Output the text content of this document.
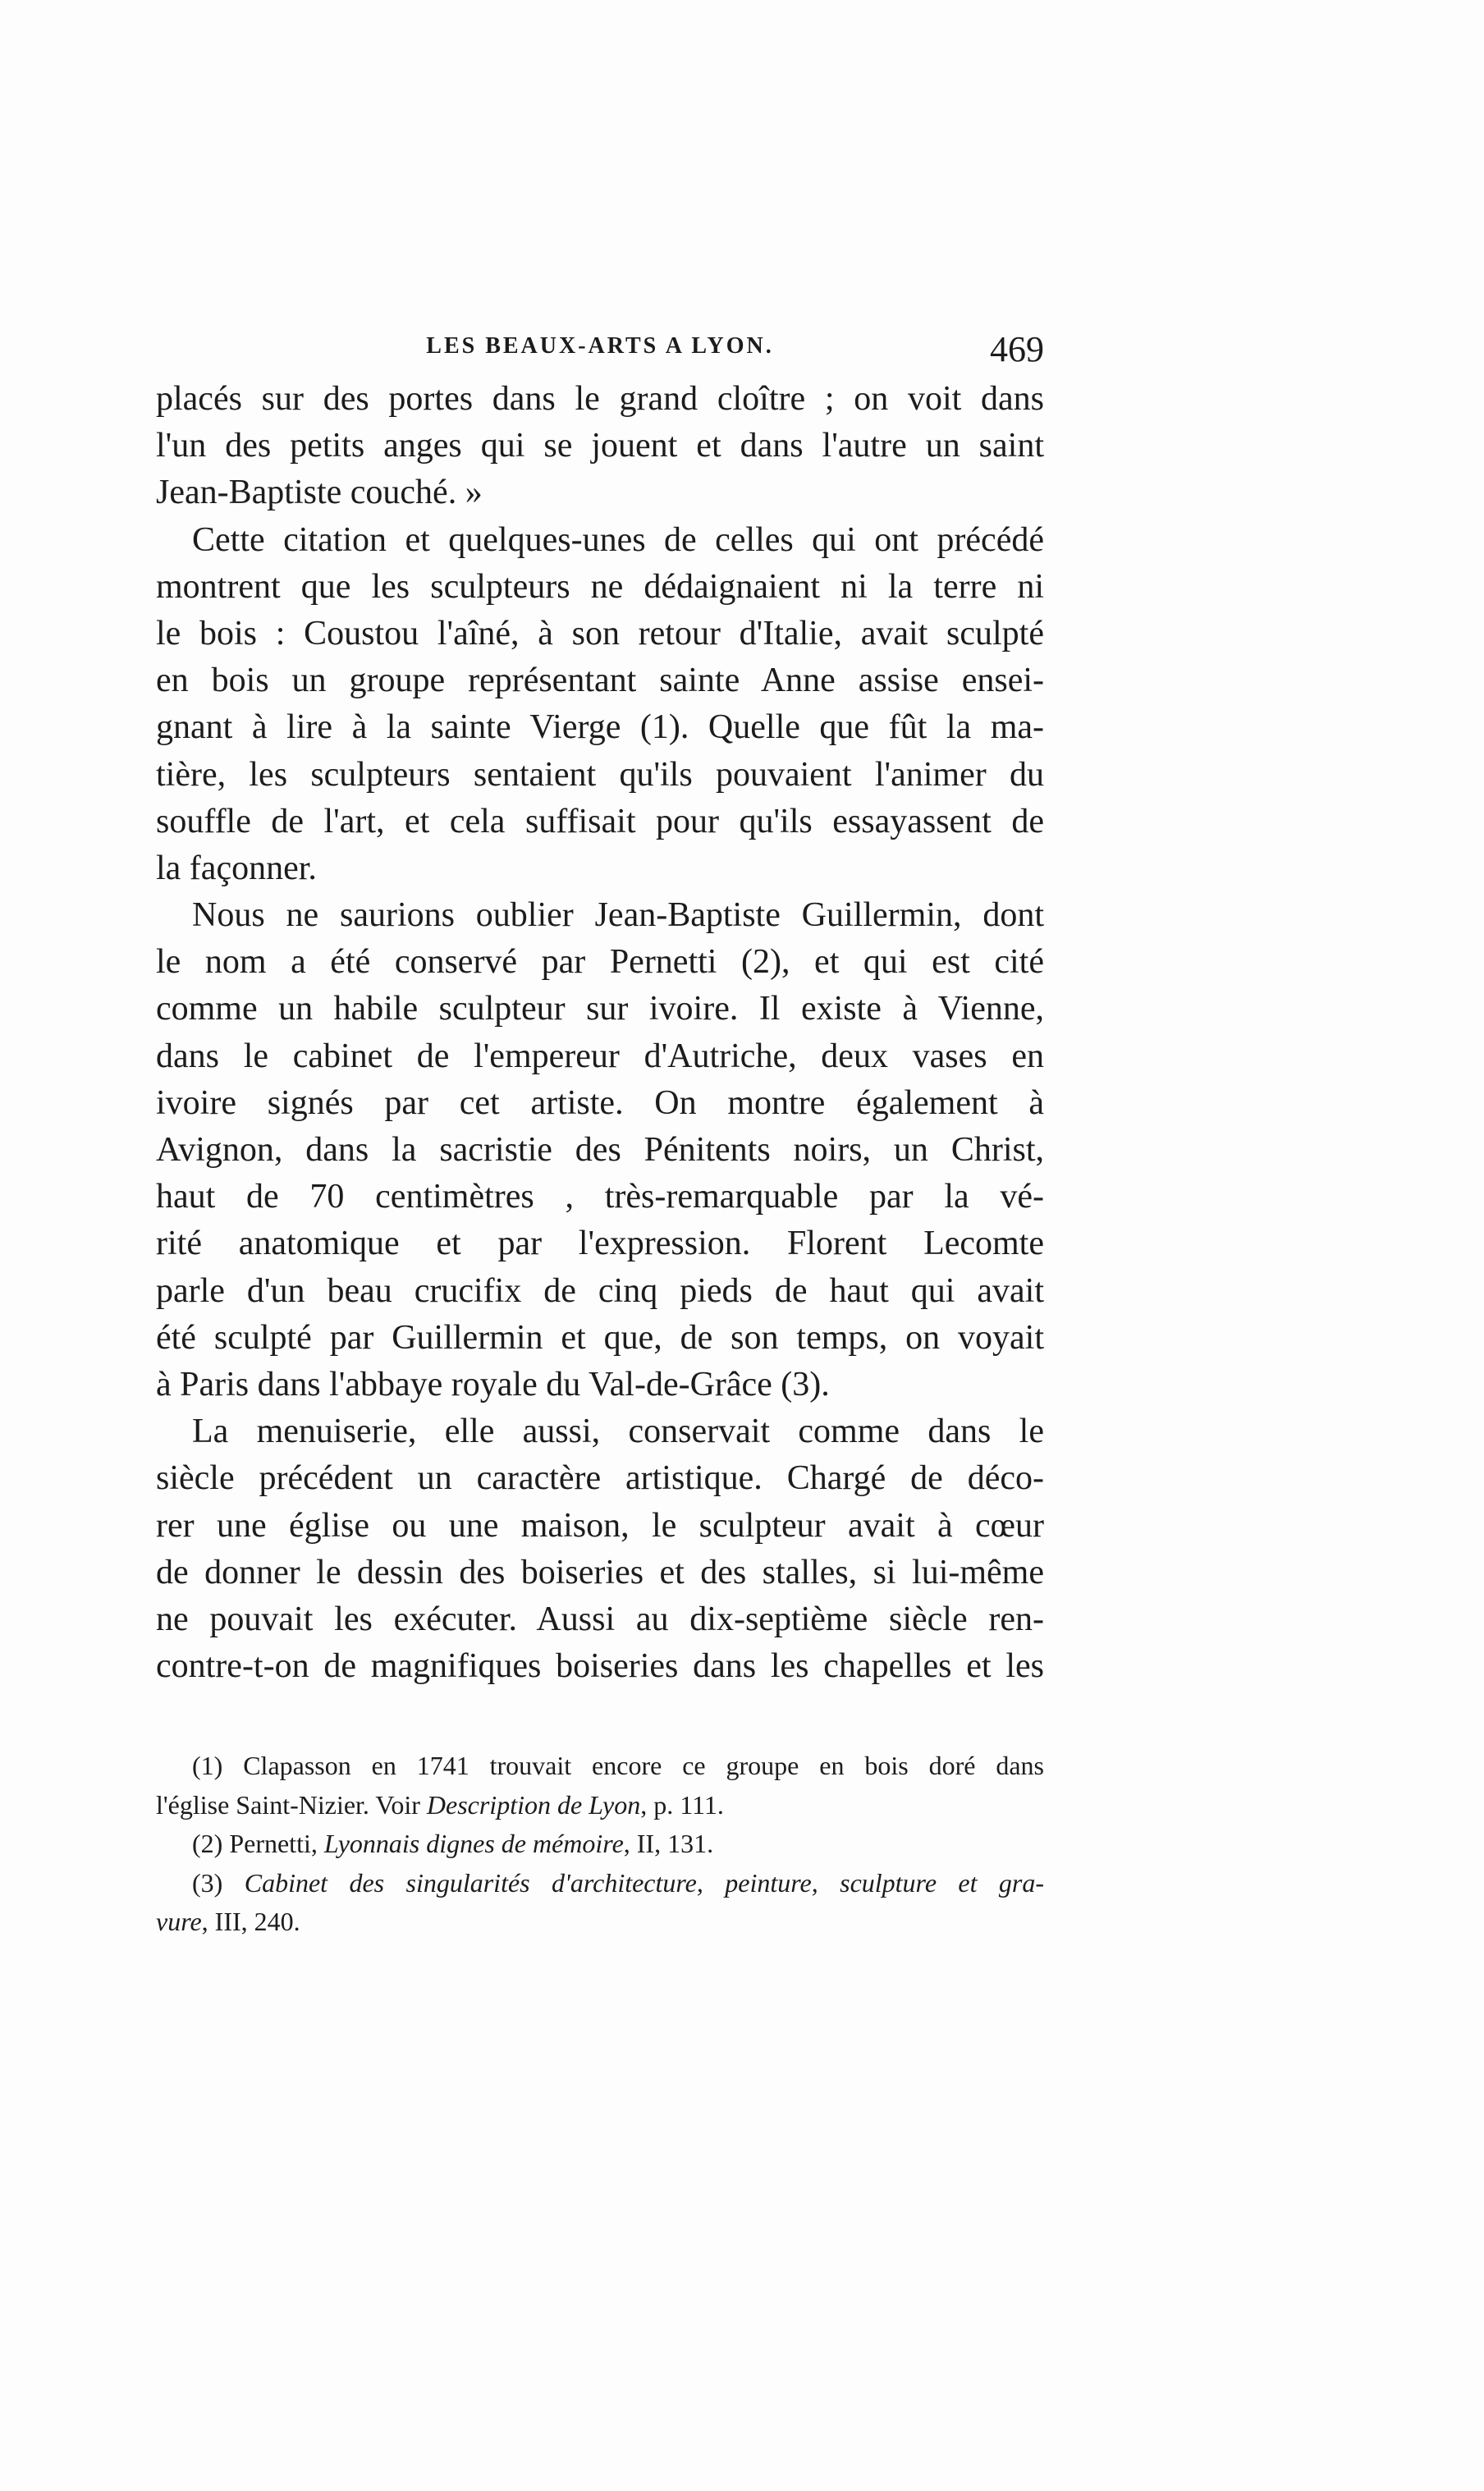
LES BEAUX-ARTS A LYON.	469
placés sur des portes dans le grand cloître ; on voit dans
l'un des petits anges qui se jouent et dans l'autre un saint
Jean-Baptiste couché. »
Cette citation et quelques-unes de celles qui ont précédé
montrent que les sculpteurs ne dédaignaient ni la terre ni
le bois : Coustou l'aîné, à son retour d'Italie, avait sculpté
en bois un groupe représentant sainte Anne assise ensei-
gnant à lire à la sainte Vierge (1). Quelle que fût la ma-
tière, les sculpteurs sentaient qu'ils pouvaient l'animer du
souffle de l'art, et cela suffisait pour qu'ils essayassent de
la façonner.
Nous ne saurions oublier Jean-Baptiste Guillermin, dont
le nom a été conservé par Pernetti (2), et qui est cité
comme un habile sculpteur sur ivoire. Il existe à Vienne,
dans le cabinet de l'empereur d'Autriche, deux vases en
ivoire signés par cet artiste. On montre également à
Avignon, dans la sacristie des Pénitents noirs, un Christ,
haut de 70 centimètres , très-remarquable par la vé-
rité anatomique et par l'expression. Florent Lecomte
parle d'un beau crucifix de cinq pieds de haut qui avait
été sculpté par Guillermin et que, de son temps, on voyait
à Paris dans l'abbaye royale du Val-de-Grâce (3).
La menuiserie, elle aussi, conservait comme dans le
siècle précédent un caractère artistique. Chargé de déco-
rer une église ou une maison, le sculpteur avait à cœur
de donner le dessin des boiseries et des stalles, si lui-même
ne pouvait les exécuter. Aussi au dix-septième siècle ren-
contre-t-on de magnifiques boiseries dans les chapelles et les
(1) Clapasson en 1741 trouvait encore ce groupe en bois doré dans
l'église Saint-Nizier. Voir Description de Lyon, p. 111.
(2) Pernetti, Lyonnais dignes de mémoire, II, 131.
(3) Cabinet des singularités d'architecture, peinture, sculpture et gra-
vure, III, 240.
